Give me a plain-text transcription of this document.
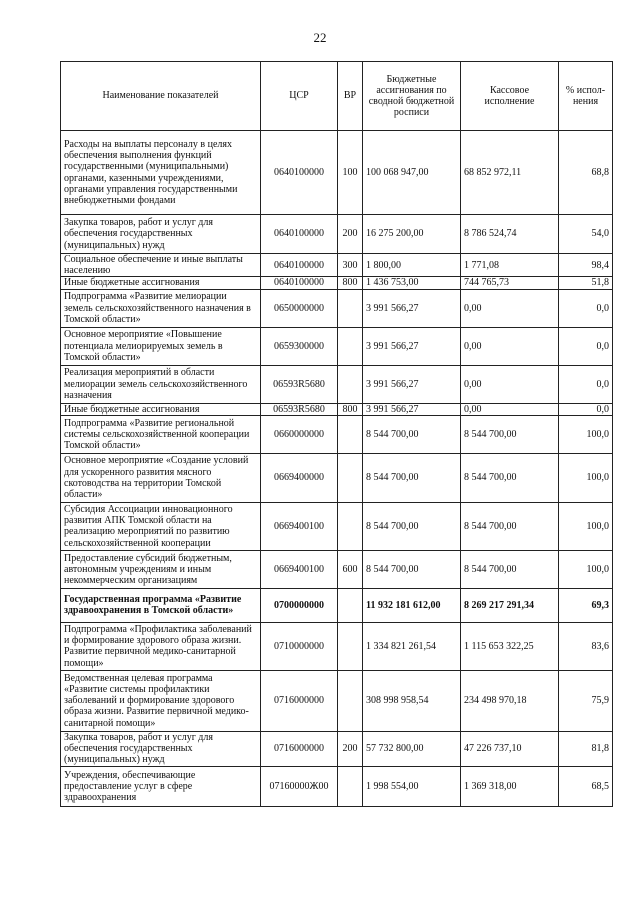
22
Наименование показателей	ЦСР	ВР	Бюджетные ассигнования по сводной бюджетной росписи	Кассовое исполнение	% испол-нения
Расходы на выплаты персоналу в целях обеспечения выполнения функций государственными (муниципальными) органами, казенными учреждениями, органами управления государственными внебюджетными фондами	0640100000	100	100 068 947,00	68 852 972,11	68,8
Закупка товаров, работ и услуг для обеспечения государственных (муниципальных) нужд	0640100000	200	16 275 200,00	8 786 524,74	54,0
Социальное обеспечение и иные выплаты населению	0640100000	300	1 800,00	1 771,08	98,4
Иные бюджетные ассигнования	0640100000	800	1 436 753,00	744 765,73	51,8
Подпрограмма «Развитие мелиорации земель сельскохозяйственного назначения в Томской области»	0650000000		3 991 566,27	0,00	0,0
Основное мероприятие «Повышение потенциала мелиорируемых земель в Томской области»	0659300000		3 991 566,27	0,00	0,0
Реализация мероприятий в области мелиорации земель сельскохозяйственного назначения	06593R5680		3 991 566,27	0,00	0,0
Иные бюджетные ассигнования	06593R5680	800	3 991 566,27	0,00	0,0
Подпрограмма «Развитие региональной системы сельскохозяйственной кооперации Томской области»	0660000000		8 544 700,00	8 544 700,00	100,0
Основное мероприятие «Создание условий для ускоренного развития мясного скотоводства на территории Томской области»	0669400000		8 544 700,00	8 544 700,00	100,0
Субсидия Ассоциации инновационного развития АПК Томской области на реализацию мероприятий по развитию сельскохозяйственной кооперации	0669400100		8 544 700,00	8 544 700,00	100,0
Предоставление субсидий бюджетным, автономным учреждениям и иным некоммерческим организациям	0669400100	600	8 544 700,00	8 544 700,00	100,0
Государственная программа «Развитие здравоохранения в Томской области»	0700000000		11 932 181 612,00	8 269 217 291,34	69,3
Подпрограмма «Профилактика заболеваний и формирование здорового образа жизни. Развитие первичной медико-санитарной помощи»	0710000000		1 334 821 261,54	1 115 653 322,25	83,6
Ведомственная целевая программа «Развитие системы профилактики заболеваний и формирование здорового образа жизни. Развитие первичной медико-санитарной помощи»	0716000000		308 998 958,54	234 498 970,18	75,9
Закупка товаров, работ и услуг для обеспечения государственных (муниципальных) нужд	0716000000	200	57 732 800,00	47 226 737,10	81,8
Учреждения, обеспечивающие предоставление услуг в сфере здравоохранения	07160000Ж00		1 998 554,00	1 369 318,00	68,5
